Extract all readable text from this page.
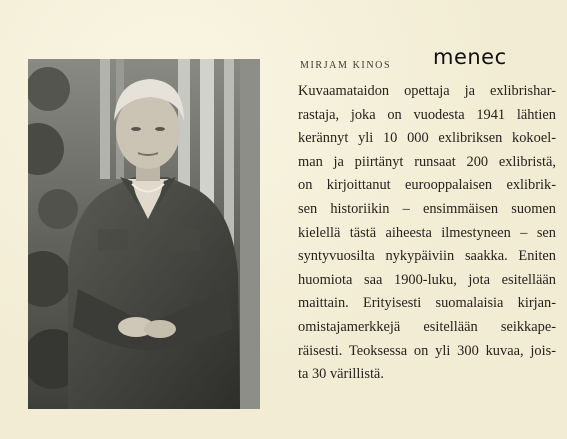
MIRJAM KINOS menec
Kuvaamataidon opettaja ja exlibrishar-
rastaja, joka on vuodesta 1941 lähtien
kerännyt yli 10 000 exlibriksen kokoel-
man ja piirtänyt runsaat 200 exlibristä,
on kirjoittanut eurooppalaisen exlibrik-
sen historiikin – ensimmäisen suomen
kielellä tästä aiheesta ilmestyneen – sen
syntyvuosilta nykypäiviin saakka. Eniten
huomiota saa 1900-luku, jota esitellään
maittain. Erityisesti suomalaisia kirjan-
omistajamerkkejä esitellään seikkape-
räisesti. Teoksessa on yli 300 kuvaa, jois-
ta 30 värillistä.
